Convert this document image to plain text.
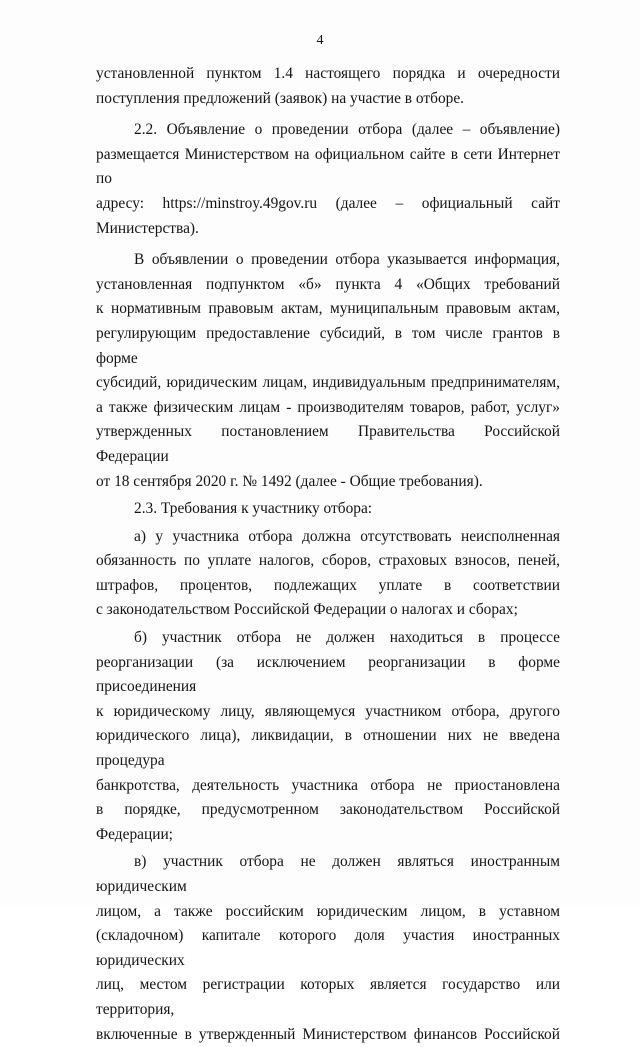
4

установленной пунктом 1.4 настоящего порядка и очередности
поступления предложений (заявок) на участие в отборе.

2.2. Объявление о проведении отбора (далее – объявление)
размещается Министерством на официальном сайте в сети Интернет по
адресу: https://minstroy.49gov.ru (далее – официальный сайт
Министерства).

В объявлении о проведении отбора указывается информация,
установленная подпунктом «б» пункта 4 «Общих требований
к нормативным правовым актам, муниципальным правовым актам,
регулирующим предоставление субсидий, в том числе грантов в форме
субсидий, юридическим лицам, индивидуальным предпринимателям,
а также физическим лицам - производителям товаров, работ, услуг»
утвержденных постановлением Правительства Российской Федерации
от 18 сентября 2020 г. № 1492 (далее - Общие требования).

2.3. Требования к участнику отбора:

а) у участника отбора должна отсутствовать неисполненная
обязанность по уплате налогов, сборов, страховых взносов, пеней,
штрафов, процентов, подлежащих уплате в соответствии
с законодательством Российской Федерации о налогах и сборах;

б) участник отбора не должен находиться в процессе
реорганизации (за исключением реорганизации в форме присоединения
к юридическому лицу, являющемуся участником отбора, другого
юридического лица), ликвидации, в отношении них не введена процедура
банкротства, деятельность участника отбора не приостановлена
в порядке, предусмотренном законодательством Российской Федерации;

в) участник отбора не должен являться иностранным юридическим
лицом, а также российским юридическим лицом, в уставном
(складочном) капитале которого доля участия иностранных юридических
лиц, местом регистрации которых является государство или территория,
включенные в утвержденный Министерством финансов Российской
